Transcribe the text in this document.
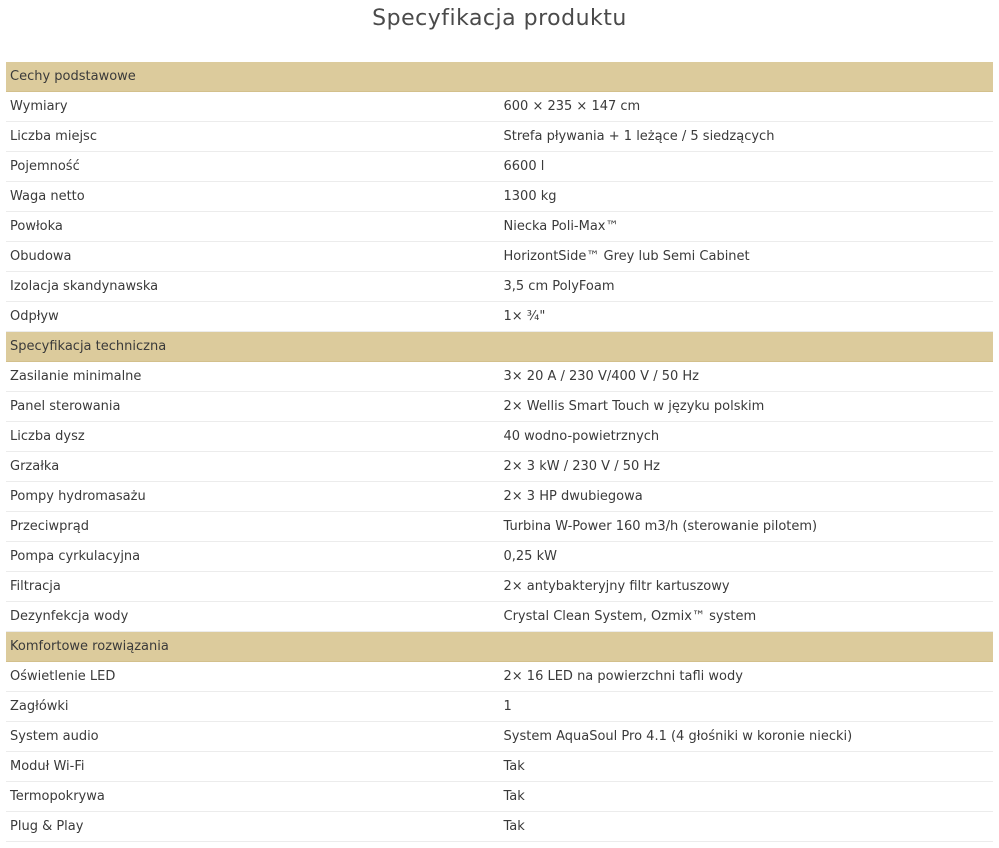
Specyfikacja produktu
Cechy podstawowe	
Wymiary	600 × 235 × 147 cm
Liczba miejsc	Strefa pływania + 1 leżące / 5 siedzących
Pojemność	6600 l
Waga netto	1300 kg
Powłoka	Niecka Poli-Max™
Obudowa	HorizontSide™ Grey lub Semi Cabinet
Izolacja skandynawska	3,5 cm PolyFoam
Odpływ	1× ¾"
Specyfikacja techniczna	
Zasilanie minimalne	3× 20 A / 230 V/400 V / 50 Hz
Panel sterowania	2× Wellis Smart Touch w języku polskim
Liczba dysz	40 wodno-powietrznych
Grzałka	2× 3 kW / 230 V / 50 Hz
Pompy hydromasażu	2× 3 HP dwubiegowa
Przeciwprąd	Turbina W-Power 160 m3/h (sterowanie pilotem)
Pompa cyrkulacyjna	0,25 kW
Filtracja	2× antybakteryjny filtr kartuszowy
Dezynfekcja wody	Crystal Clean System, Ozmix™ system
Komfortowe rozwiązania	
Oświetlenie LED	2× 16 LED na powierzchni tafli wody
Zagłówki	1
System audio	System AquaSoul Pro 4.1 (4 głośniki w koronie niecki)
Moduł Wi-Fi	Tak
Termopokrywa	Tak
Plug & Play	Tak
